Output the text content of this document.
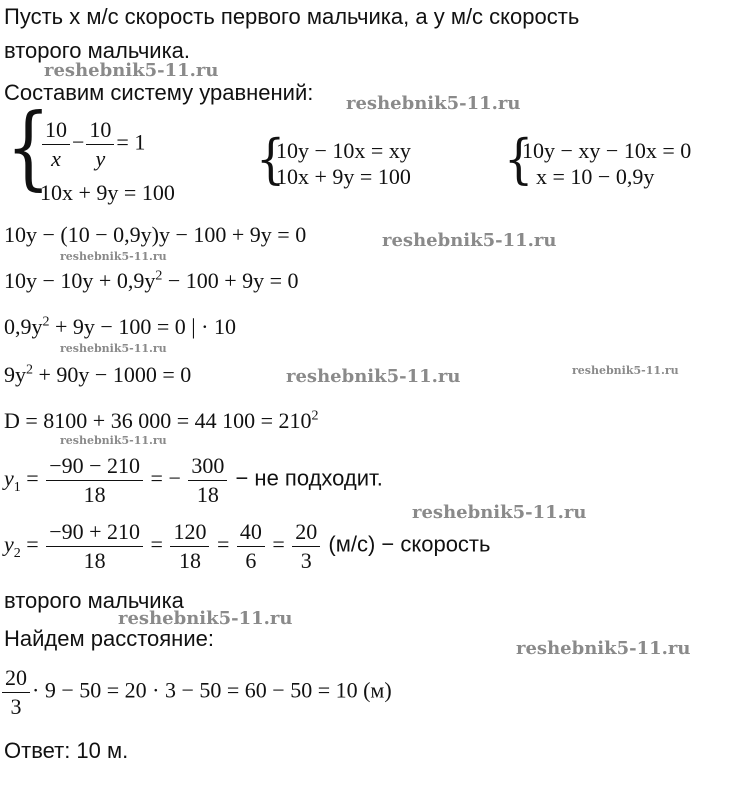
Пусть x м/с скорость первого мальчика, а y м/с скорость
второго мальчика.
reshebnik5-11.ru
Составим систему уравнений: reshebnik5-11.ru
{
$\frac{10}{x} - \frac{10}{y} = 1$
10x + 9y = 100
{
10y − 10x = xy
10x + 9y = 100 {
10y − xy − 10x = 0
x = 10 − 0,9y
10y − (10 − 0,9y)y − 100 + 9y = 0	reshebnik5-11.ru
reshebnik5-11.ru
$10y - 10y + 0,9y^2 - 100 + 9y = 0$
$0,9y^2 + 9y - 100 = 0$ | · 10
reshebnik5-11.ru
$9y^2 + 90y - 1000 = 0$	reshebnik5-11.ru	reshebnik5-11.ru
D = 8100 + 36 000 = 44 $100 = 210^2$
reshebnik5-11.ru
$y_1 = \frac{-90 - 210}{18}$ = − $\frac{300}{18}$ − не подходит.
reshebnik5-11.ru
$y_2 = \frac{-90 + 210}{18} = \frac{120}{18} = \frac{40}{6} = \frac{20}{3} (м/с)$ − скорость
второго мальчика
reshebnik5-11.ru
Найдем расстояние:	reshebnik5-11.ru
$\frac{20}{3} \cdot 9 - 50 = 20 \cdot 3 - 50 = 60 - 50 = 10$ (м)
Ответ: 10 м.
